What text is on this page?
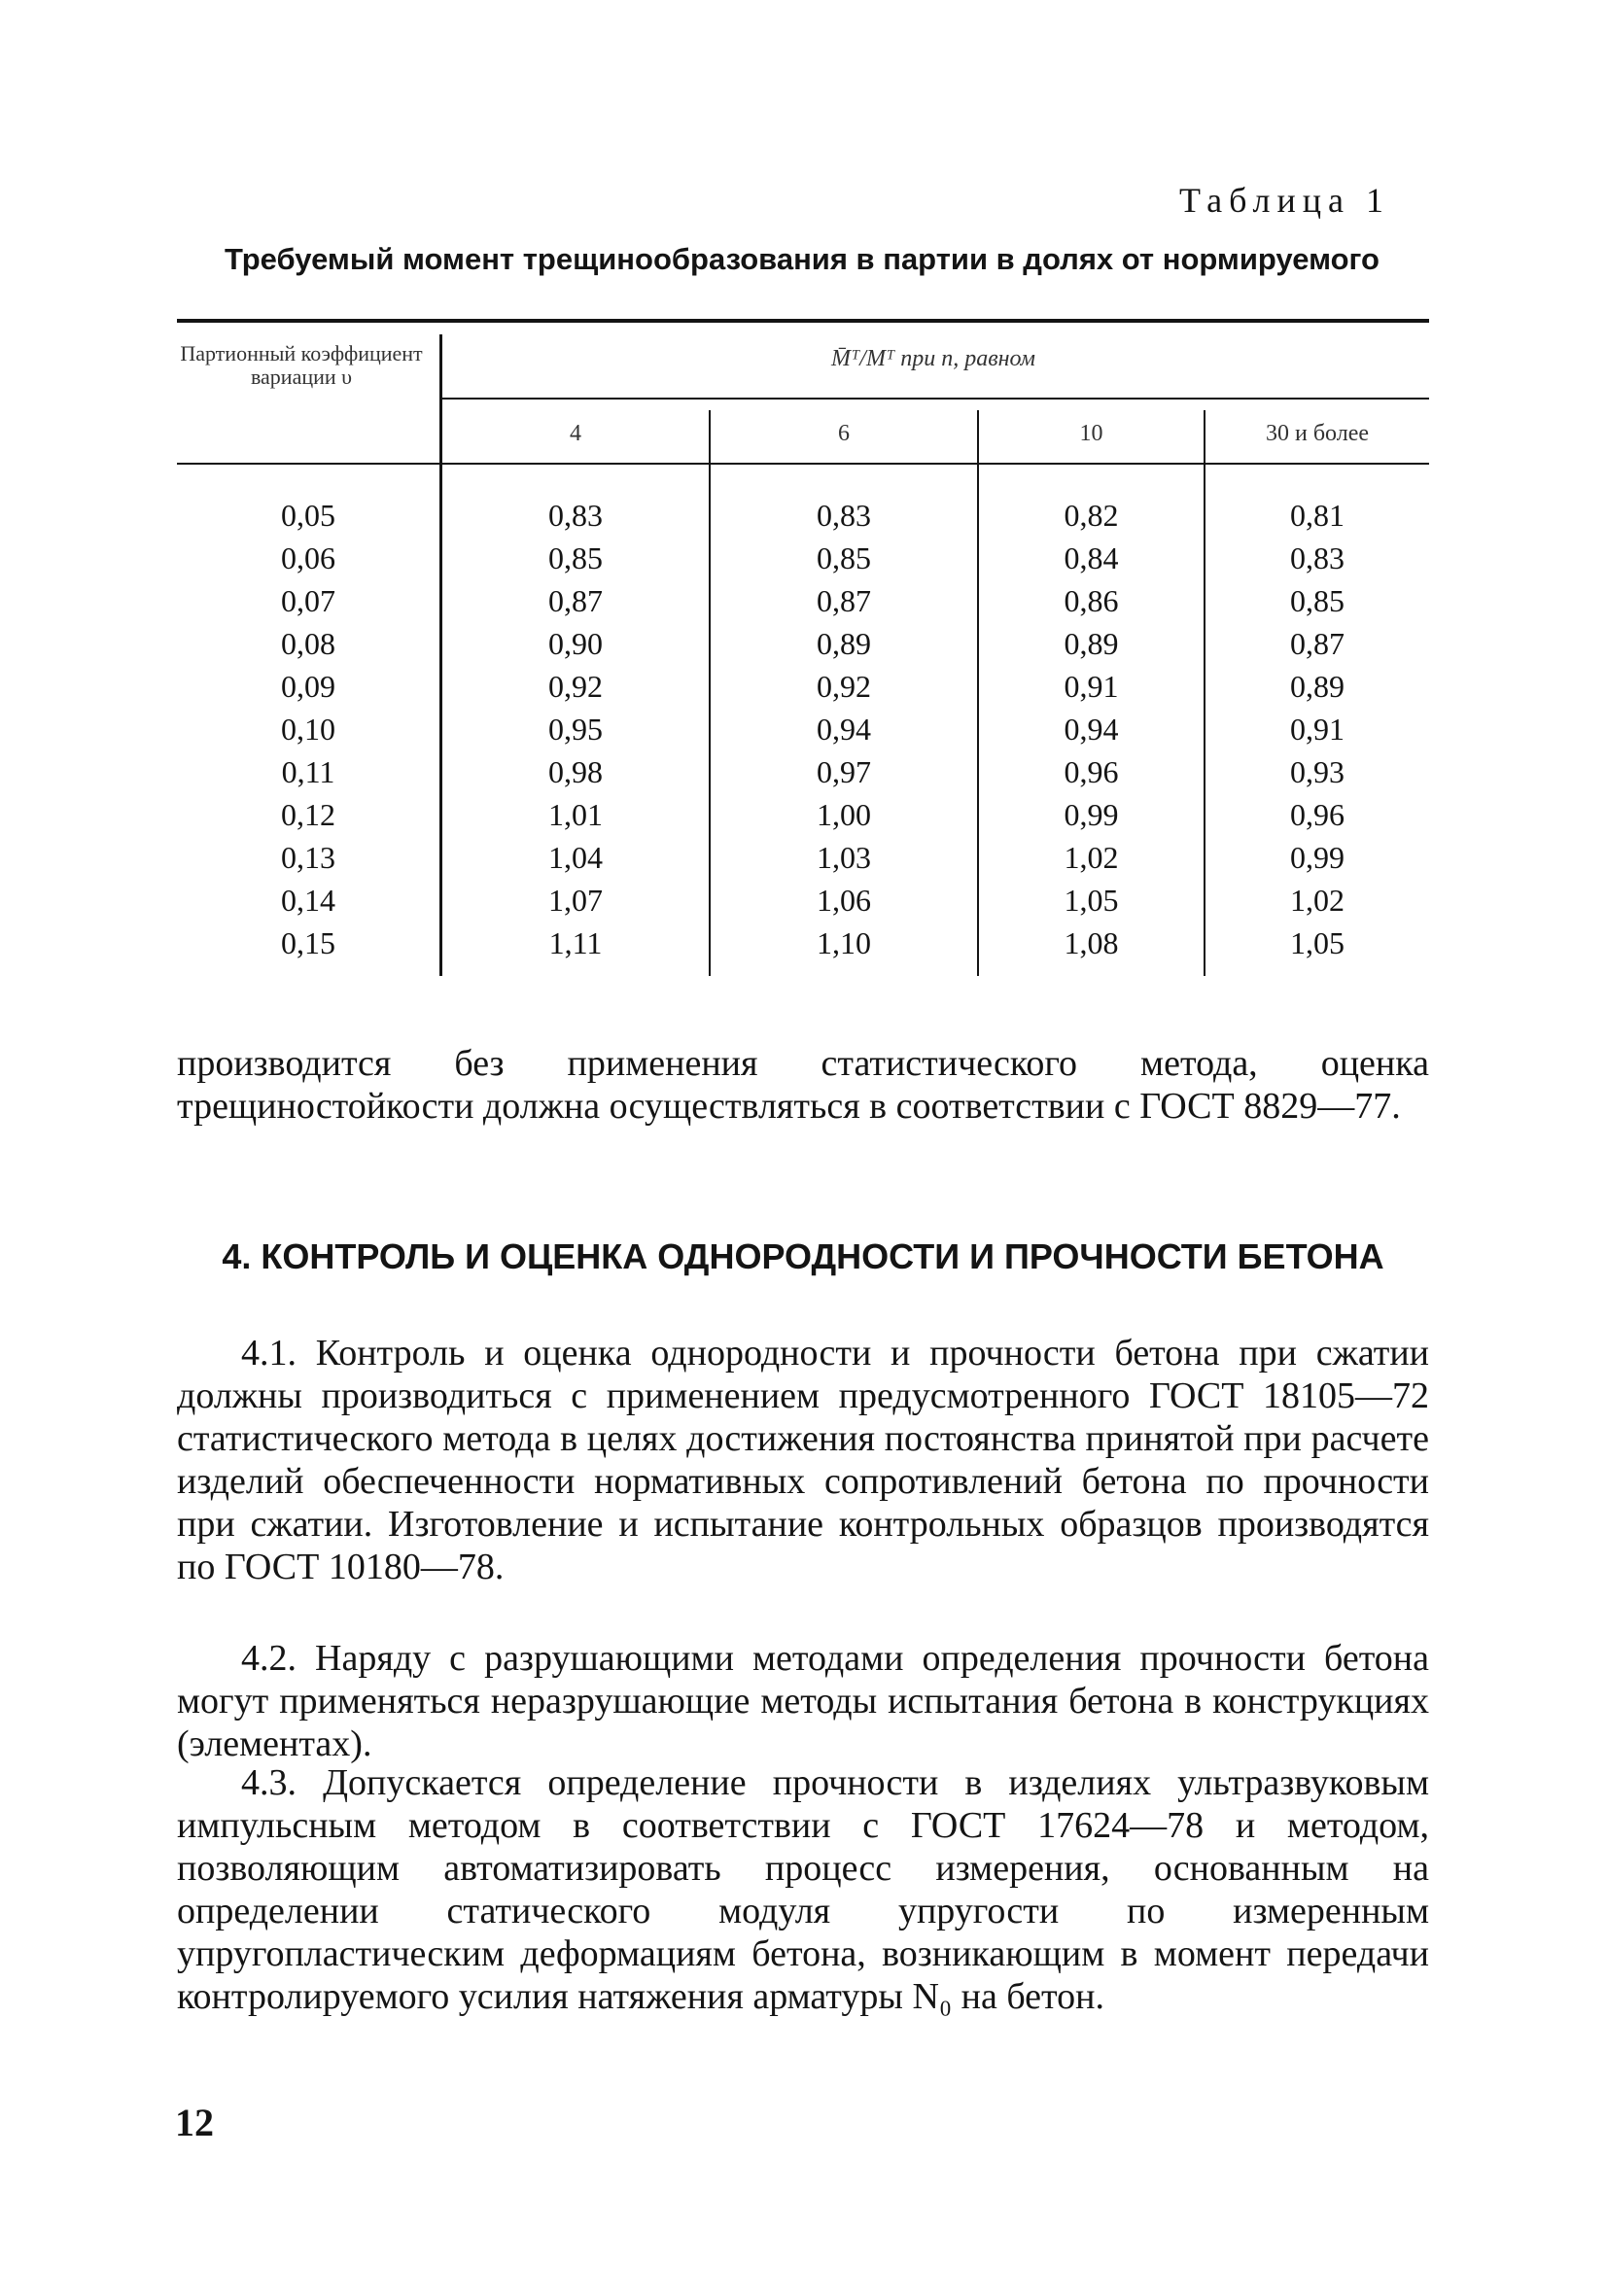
Таблица 1
Требуемый момент трещинообразования в партии в долях от нормируемого
Партионный коэффициент вариации υ
M̄ᵀ/Mᵀ при n, равном
4	6	10	30 и более
0,05	0,83	0,83	0,82	0,81
0,06	0,85	0,85	0,84	0,83
0,07	0,87	0,87	0,86	0,85
0,08	0,90	0,89	0,89	0,87
0,09	0,92	0,92	0,91	0,89
0,10	0,95	0,94	0,94	0,91
0,11	0,98	0,97	0,96	0,93
0,12	1,01	1,00	0,99	0,96
0,13	1,04	1,03	1,02	0,99
0,14	1,07	1,06	1,05	1,02
0,15	1,11	1,10	1,08	1,05

производится без применения статистического метода, оценка трещиностойкости должна осуществляться в соответствии с ГОСТ 8829—77.

4. КОНТРОЛЬ И ОЦЕНКА ОДНОРОДНОСТИ И ПРОЧНОСТИ БЕТОНА

4.1. Контроль и оценка однородности и прочности бетона при сжатии должны производиться с применением предусмотренного ГОСТ 18105—72 статистического метода в целях достижения постоянства принятой при расчете изделий обеспеченности нормативных сопротивлений бетона по прочности при сжатии. Изготовление и испытание контрольных образцов производятся по ГОСТ 10180—78.

4.2. Наряду с разрушающими методами определения прочности бетона могут применяться неразрушающие методы испытания бетона в конструкциях (элементах).

4.3. Допускается определение прочности в изделиях ультразвуковым импульсным методом в соответствии с ГОСТ 17624—78 и методом, позволяющим автоматизировать процесс измерения, основанным на определении статического модуля упругости по измеренным упругопластическим деформациям бетона, возникающим в момент передачи контролируемого усилия натяжения арматуры N₀ на бетон.

12
